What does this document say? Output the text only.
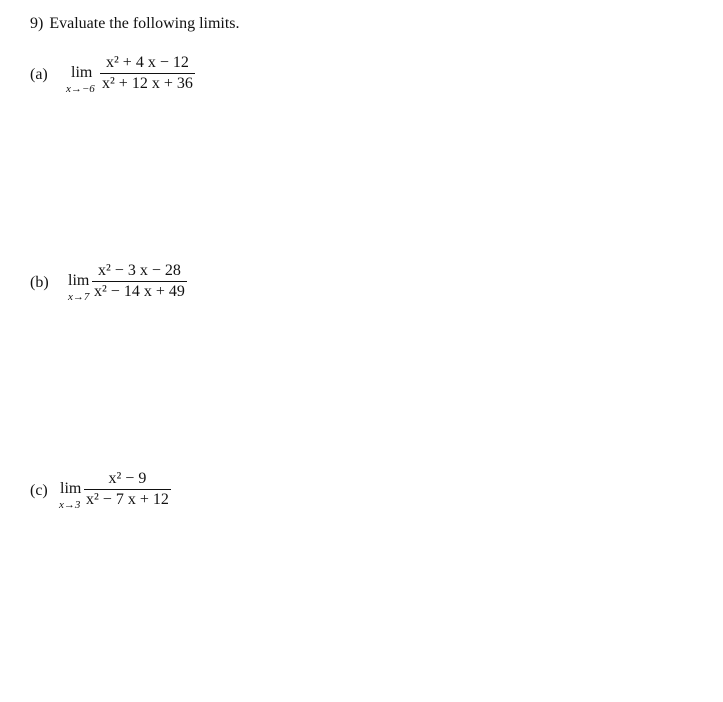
9) Evaluate the following limits.
(a) lim
x→−6
x² + 4 x − 12
x² + 12 x + 36
(b) lim
x→7
x² − 3 x − 28
x² − 14 x + 49
(c) lim
x→3
x² − 9
x² − 7 x + 12
